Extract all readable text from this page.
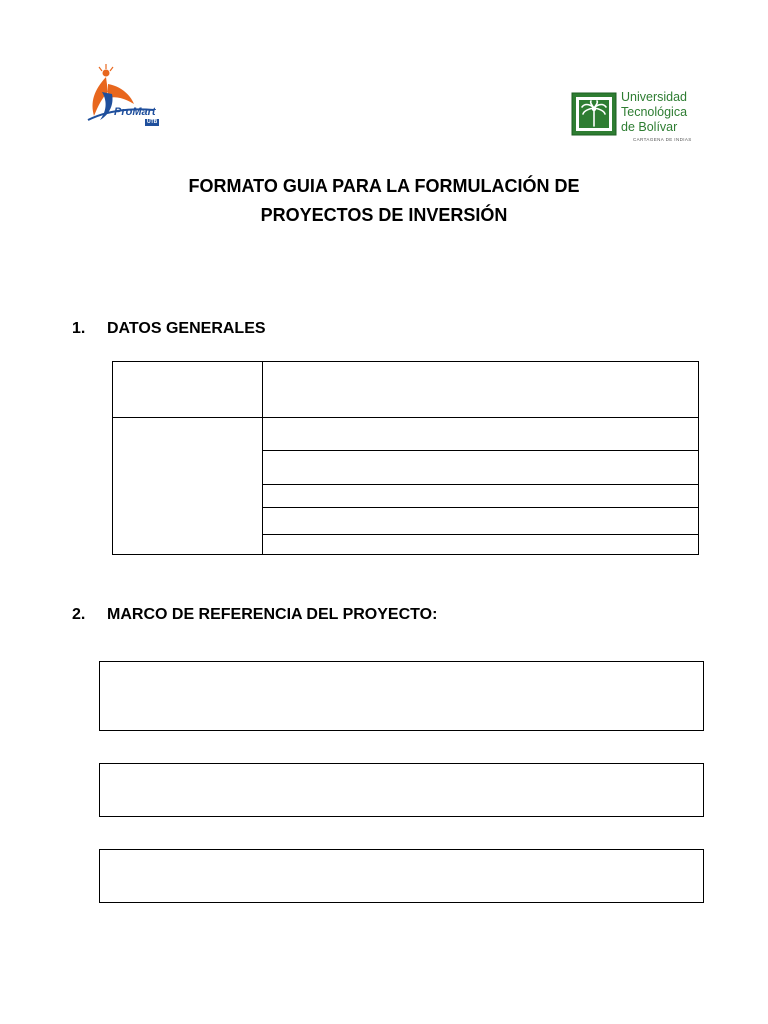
ProMart
UTB
Universidad
Tecnológica
de Bolívar
CARTAGENA DE INDIAS
FORMATO GUIA PARA LA FORMULACIÓN DE
PROYECTOS DE INVERSIÓN
1. DATOS GENERALES

2. MARCO DE REFERENCIA DEL PROYECTO:
